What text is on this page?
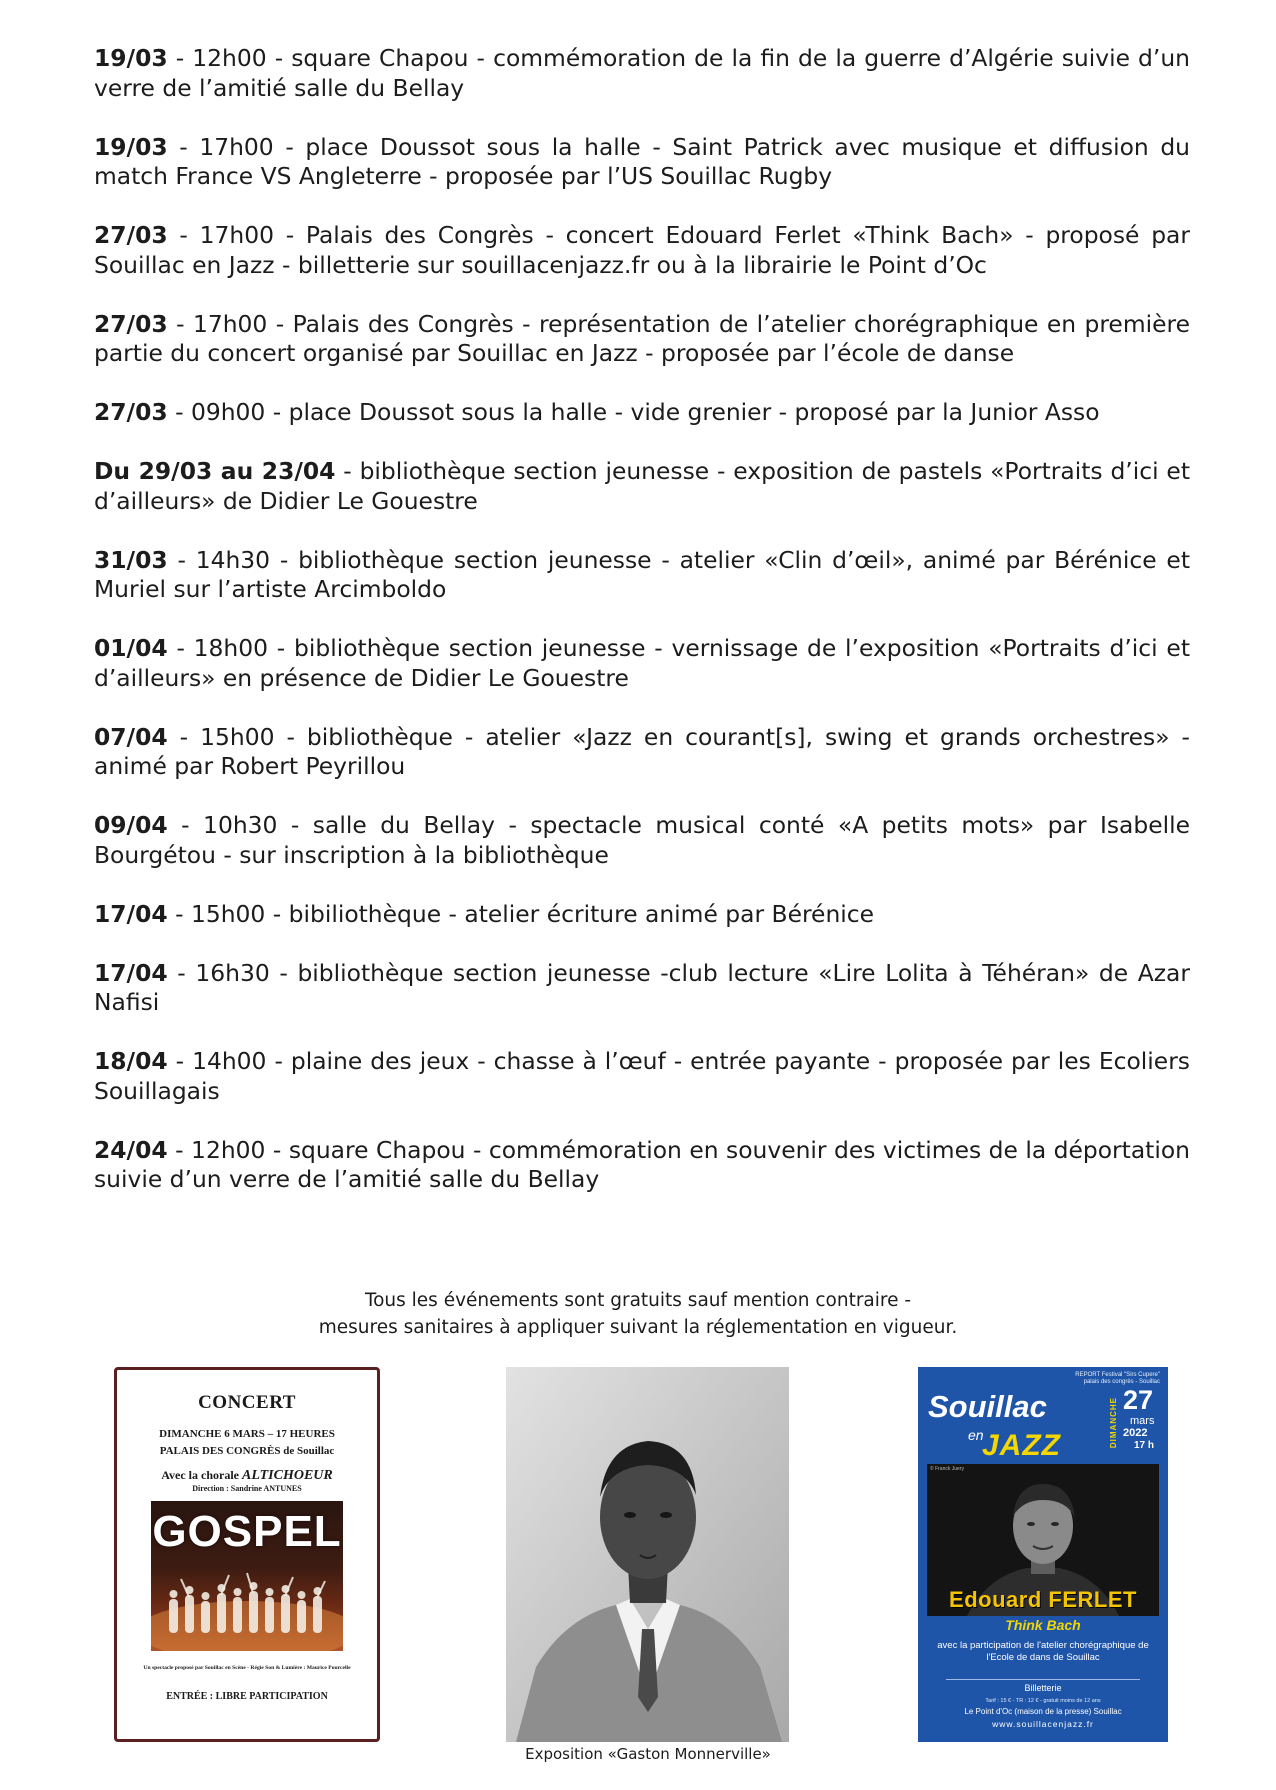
19/03 - 12h00 - square Chapou - commémoration de la fin de la guerre d’Algérie suivie d’un verre de l’amitié salle du Bellay

19/03 - 17h00 - place Doussot sous la halle - Saint Patrick avec musique et diffusion du match France VS Angleterre - proposée par l’US Souillac Rugby

27/03 - 17h00 - Palais des Congrès - concert Edouard Ferlet «Think Bach» - proposé par Souillac en Jazz - billetterie sur souillacenjazz.fr ou à la librairie le Point d’Oc

27/03 - 17h00 - Palais des Congrès - représentation de l’atelier chorégraphique en première partie du concert organisé par Souillac en Jazz - proposée par l’école de danse

27/03 - 09h00 - place Doussot sous la halle - vide grenier - proposé par la Junior Asso

Du 29/03 au 23/04 - bibliothèque section jeunesse - exposition de pastels «Portraits d’ici et d’ailleurs» de Didier Le Gouestre

31/03 - 14h30 - bibliothèque section jeunesse - atelier «Clin d’œil», animé par Bérénice et Muriel sur l’artiste Arcimboldo

01/04 - 18h00 - bibliothèque section jeunesse - vernissage de l’exposition «Portraits d’ici et d’ailleurs» en présence de Didier Le Gouestre

07/04 - 15h00 - bibliothèque - atelier «Jazz en courant[s], swing et grands orchestres» - animé par Robert Peyrillou

09/04 - 10h30 - salle du Bellay - spectacle musical conté «A petits mots» par Isabelle Bourgétou - sur inscription à la bibliothèque

17/04 - 15h00 - bibiliothèque - atelier écriture animé par Bérénice

17/04 - 16h30 - bibliothèque section jeunesse -club lecture «Lire Lolita à Téhéran» de Azar Nafisi

18/04 - 14h00 - plaine des jeux - chasse à l’œuf - entrée payante - proposée par les Ecoliers Souillagais

24/04 - 12h00 - square Chapou - commémoration en souvenir des victimes de la déportation suivie d’un verre de l’amitié salle du Bellay

Tous les événements sont gratuits sauf mention contraire -
mesures sanitaires à appliquer suivant la réglementation en vigueur.
CONCERT
DIMANCHE 6 MARS – 17 HEURES
PALAIS DES CONGRÈS de Souillac
Avec la chorale ALTICHOEUR
Direction : Sandrine ANTUNES
GOSPEL
Un spectacle proposé par Souillac en Scène - Régie Son & Lumière : Maurice Pourcelle
ENTRÉE : LIBRE PARTICIPATION
Exposition «Gaston Monnerville»
REPORT Festival "Sirs Cupere"
palais des congrès - Souillac
Souillac
en
JAZZ	DIMANCHE 27
mars
2022
17 h
© Franck Juery
Edouard FERLET
Think Bach
avec la participation de l'atelier chorégraphique de l'Ecole de dans de Souillac
Billetterie
Tarif : 15 € - TR : 12 € - gratuit moins de 12 ans
Le Point d'Oc (maison de la presse) Souillac
www.souillacenjazz.fr
